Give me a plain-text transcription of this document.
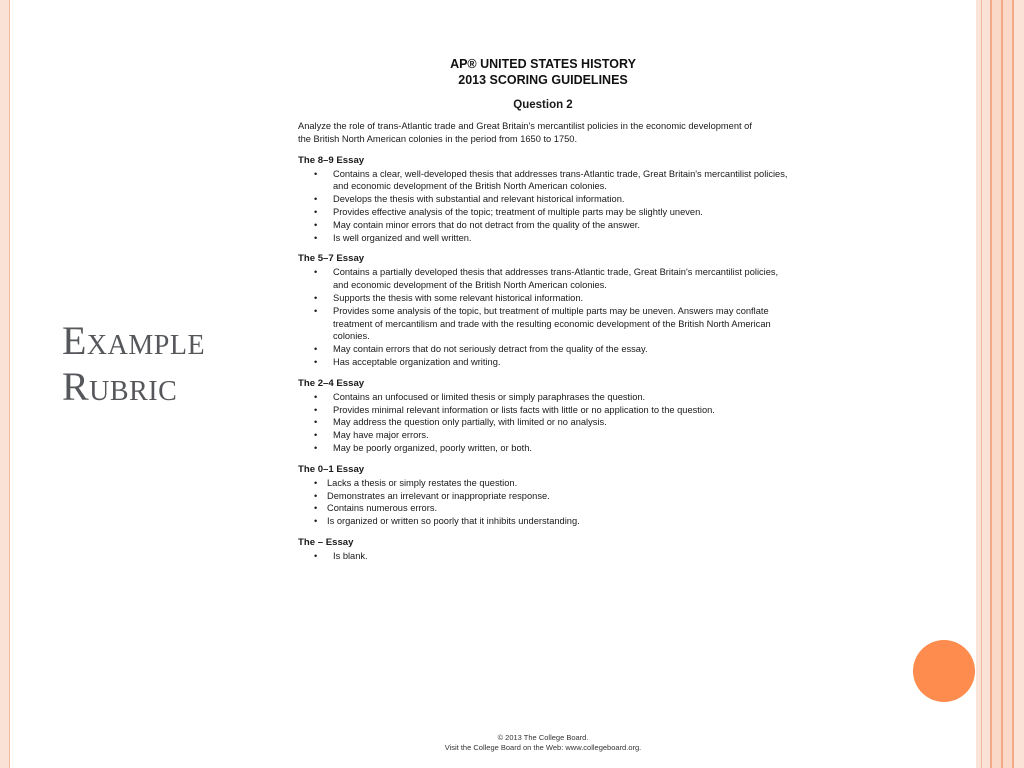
Example
Rubric
AP® UNITED STATES HISTORY
2013 SCORING GUIDELINES
Question 2
Analyze the role of trans-Atlantic trade and Great Britain's mercantilist policies in the economic development of the British North American colonies in the period from 1650 to 1750.
The 8–9 Essay
• Contains a clear, well-developed thesis that addresses trans-Atlantic trade, Great Britain's mercantilist policies, and economic development of the British North American colonies.
• Develops the thesis with substantial and relevant historical information.
• Provides effective analysis of the topic; treatment of multiple parts may be slightly uneven.
• May contain minor errors that do not detract from the quality of the answer.
• Is well organized and well written.
The 5–7 Essay
• Contains a partially developed thesis that addresses trans-Atlantic trade, Great Britain's mercantilist policies, and economic development of the British North American colonies.
• Supports the thesis with some relevant historical information.
• Provides some analysis of the topic, but treatment of multiple parts may be uneven. Answers may conflate treatment of mercantilism and trade with the resulting economic development of the British North American colonies.
• May contain errors that do not seriously detract from the quality of the essay.
• Has acceptable organization and writing.
The 2–4 Essay
• Contains an unfocused or limited thesis or simply paraphrases the question.
• Provides minimal relevant information or lists facts with little or no application to the question.
• May address the question only partially, with limited or no analysis.
• May have major errors.
• May be poorly organized, poorly written, or both.
The 0–1 Essay
• Lacks a thesis or simply restates the question.
• Demonstrates an irrelevant or inappropriate response.
• Contains numerous errors.
• Is organized or written so poorly that it inhibits understanding.
The – Essay
• Is blank.
© 2013 The College Board.
Visit the College Board on the Web: www.collegeboard.org.
